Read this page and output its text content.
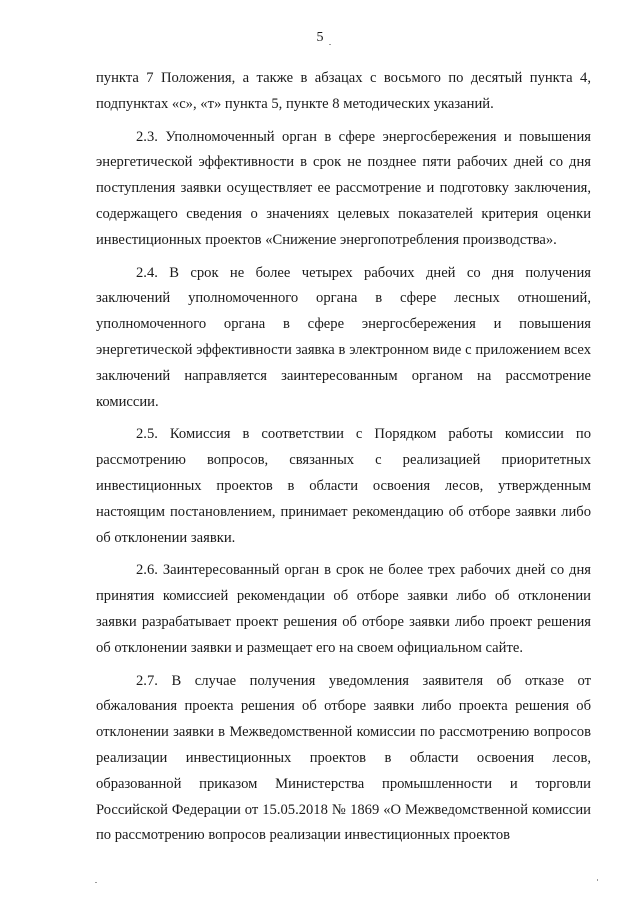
5

пункта 7 Положения, а также в абзацах с восьмого по десятый пункта 4, подпунктах «с», «т» пункта 5, пункте 8 методических указаний.

2.3. Уполномоченный орган в сфере энергосбережения и повышения энергетической эффективности в срок не позднее пяти рабочих дней со дня поступления заявки осуществляет ее рассмотрение и подготовку заключения, содержащего сведения о значениях целевых показателей критерия оценки инвестиционных проектов «Снижение энергопотребления производства».

2.4. В срок не более четырех рабочих дней со дня получения заключений уполномоченного органа в сфере лесных отношений, уполномоченного органа в сфере энергосбережения и повышения энергетической эффективности заявка в электронном виде с приложением всех заключений направляется заинтересованным органом на рассмотрение комиссии.

2.5. Комиссия в соответствии с Порядком работы комиссии по рассмотрению вопросов, связанных с реализацией приоритетных инвестиционных проектов в области освоения лесов, утвержденным настоящим постановлением, принимает рекомендацию об отборе заявки либо об отклонении заявки.

2.6. Заинтересованный орган в срок не более трех рабочих дней со дня принятия комиссией рекомендации об отборе заявки либо об отклонении заявки разрабатывает проект решения об отборе заявки либо проект решения об отклонении заявки и размещает его на своем официальном сайте.

2.7. В случае получения уведомления заявителя об отказе от обжалования проекта решения об отборе заявки либо проекта решения об отклонении заявки в Межведомственной комиссии по рассмотрению вопросов реализации инвестиционных проектов в области освоения лесов, образованной приказом Министерства промышленности и торговли Российской Федерации от 15.05.2018 № 1869 «О Межведомственной комиссии по рассмотрению вопросов реализации инвестиционных проектов
